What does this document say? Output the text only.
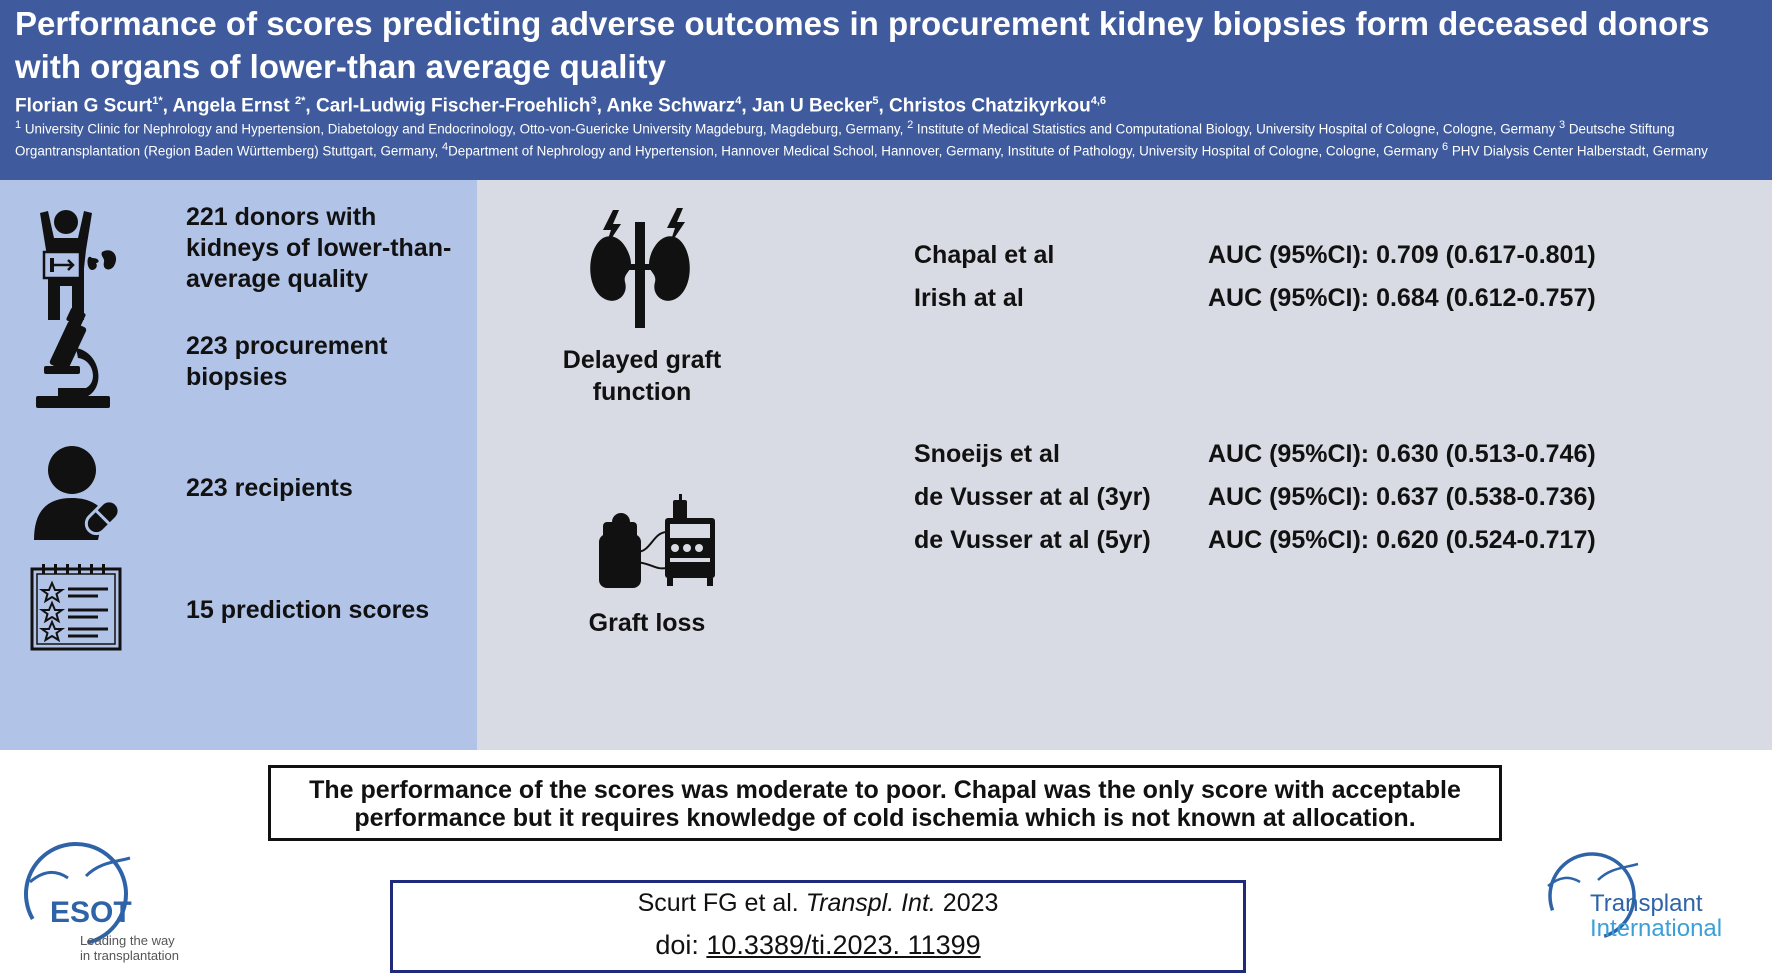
Performance of scores predicting adverse outcomes in procurement kidney biopsies form deceased donors with organs of lower-than average quality
Florian G Scurt$^{1*}$, Angela Ernst $^{2*}$, Carl-Ludwig Fischer-Froehlich$^3$, Anke Schwarz$^4$, Jan U Becker$^5$, Christos Chatzikyrkou$^{4,6}$
$^1$ University Clinic for Nephrology and Hypertension, Diabetology and Endocrinology, Otto-von-Guericke University Magdeburg, Magdeburg, Germany, $^2$ Institute of Medical Statistics and Computational Biology, University Hospital of Cologne, Cologne, Germany $^3$ Deutsche Stiftung Organtransplantation (Region Baden Württemberg) Stuttgart, Germany, $^4$Department of Nephrology and Hypertension, Hannover Medical School, Hannover, Germany, Institute of Pathology, University Hospital of Cologne, Cologne, Germany $^6$ PHV Dialysis Center Halberstadt, Germany
221 donors with kidneys of lower-than-average quality
223 procurement biopsies
223 recipients
15 prediction scores
Delayed graft
function
Graft loss
Chapal et al	AUC (95%CI): 0.709 (0.617-0.801)
Irish at al	AUC (95%CI): 0.684 (0.612-0.757)
Snoeijs et al	AUC (95%CI): 0.630 (0.513-0.746)
de Vusser at al (3yr) AUC (95%CI): 0.637 (0.538-0.736)
de Vusser at al (5yr) AUC (95%CI): 0.620 (0.524-0.717)
The performance of the scores was moderate to poor. Chapal was the only score with acceptable
performance but it requires knowledge of cold ischemia which is not known at allocation.
Scurt FG et al. Transpl. Int. 2023
doi: 10.3389/ti.2023. 11399
ESOT
Leading the way
in transplantation
Transplant
International
